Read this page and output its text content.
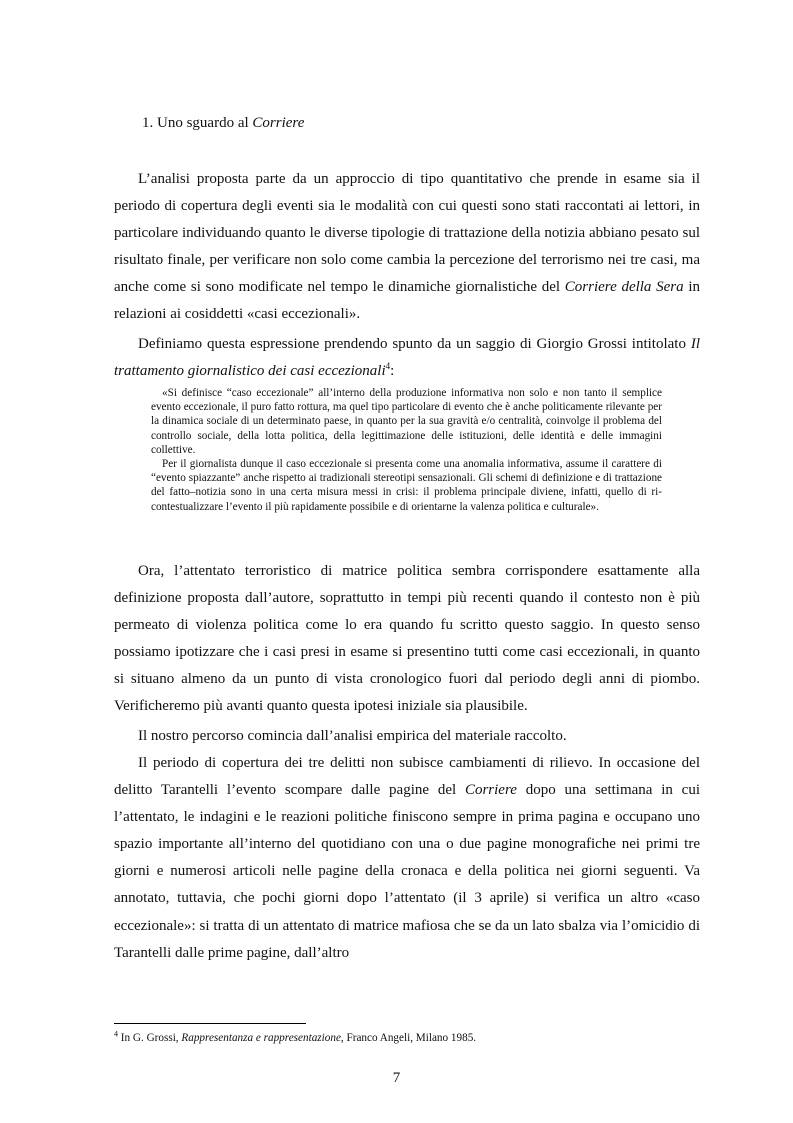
1. Uno sguardo al Corriere

L’analisi proposta parte da un approccio di tipo quantitativo che prende in esame sia il periodo di copertura degli eventi sia le modalità con cui questi sono stati raccontati ai lettori, in particolare individuando quanto le diverse tipologie di trattazione della notizia abbiano pesato sul risultato finale, per verificare non solo come cambia la percezione del terrorismo nei tre casi, ma anche come si sono modificate nel tempo le dinamiche giornalistiche del Corriere della Sera in relazioni ai cosiddetti «casi eccezionali».

Definiamo questa espressione prendendo spunto da un saggio di Giorgio Grossi intitolato Il trattamento giornalistico dei casi eccezionali$^4$:

«Si definisce “caso eccezionale” all’interno della produzione informativa non solo e non tanto il semplice evento eccezionale, il puro fatto rottura, ma quel tipo particolare di evento che è anche politicamente rilevante per la dinamica sociale di un determinato paese, in quanto per la sua gravità e/o centralità, coinvolge il problema del controllo sociale, della lotta politica, della legittimazione delle istituzioni, delle identità e delle immagini collettive.

Per il giornalista dunque il caso eccezionale si presenta come una anomalia informativa, assume il carattere di “evento spiazzante” anche rispetto ai tradizionali stereotipi sensazionali. Gli schemi di definizione e di trattazione del fatto–notizia sono in una certa misura messi in crisi: il problema principale diviene, infatti, quello di ri-contestualizzare l’evento il più rapidamente possibile e di orientarne la valenza politica e culturale».

Ora, l’attentato terroristico di matrice politica sembra corrispondere esattamente alla definizione proposta dall’autore, soprattutto in tempi più recenti quando il contesto non è più permeato di violenza politica come lo era quando fu scritto questo saggio. In questo senso possiamo ipotizzare che i casi presi in esame si presentino tutti come casi eccezionali, in quanto si situano almeno da un punto di vista cronologico fuori dal periodo degli anni di piombo. Verificheremo più avanti quanto questa ipotesi iniziale sia plausibile.

Il nostro percorso comincia dall’analisi empirica del materiale raccolto.

Il periodo di copertura dei tre delitti non subisce cambiamenti di rilievo. In occasione del delitto Tarantelli l’evento scompare dalle pagine del Corriere dopo una settimana in cui l’attentato, le indagini e le reazioni politiche finiscono sempre in prima pagina e occupano uno spazio importante all’interno del quotidiano con una o due pagine monografiche nei primi tre giorni e numerosi articoli nelle pagine della cronaca e della politica nei giorni seguenti. Va annotato, tuttavia, che pochi giorni dopo l’attentato (il 3 aprile) si verifica un altro «caso eccezionale»: si tratta di un attentato di matrice mafiosa che se da un lato sbalza via l’omicidio di Tarantelli dalle prime pagine, dall’altro

$^4$ In G. Grossi, Rappresentanza e rappresentazione, Franco Angeli, Milano 1985.

7
